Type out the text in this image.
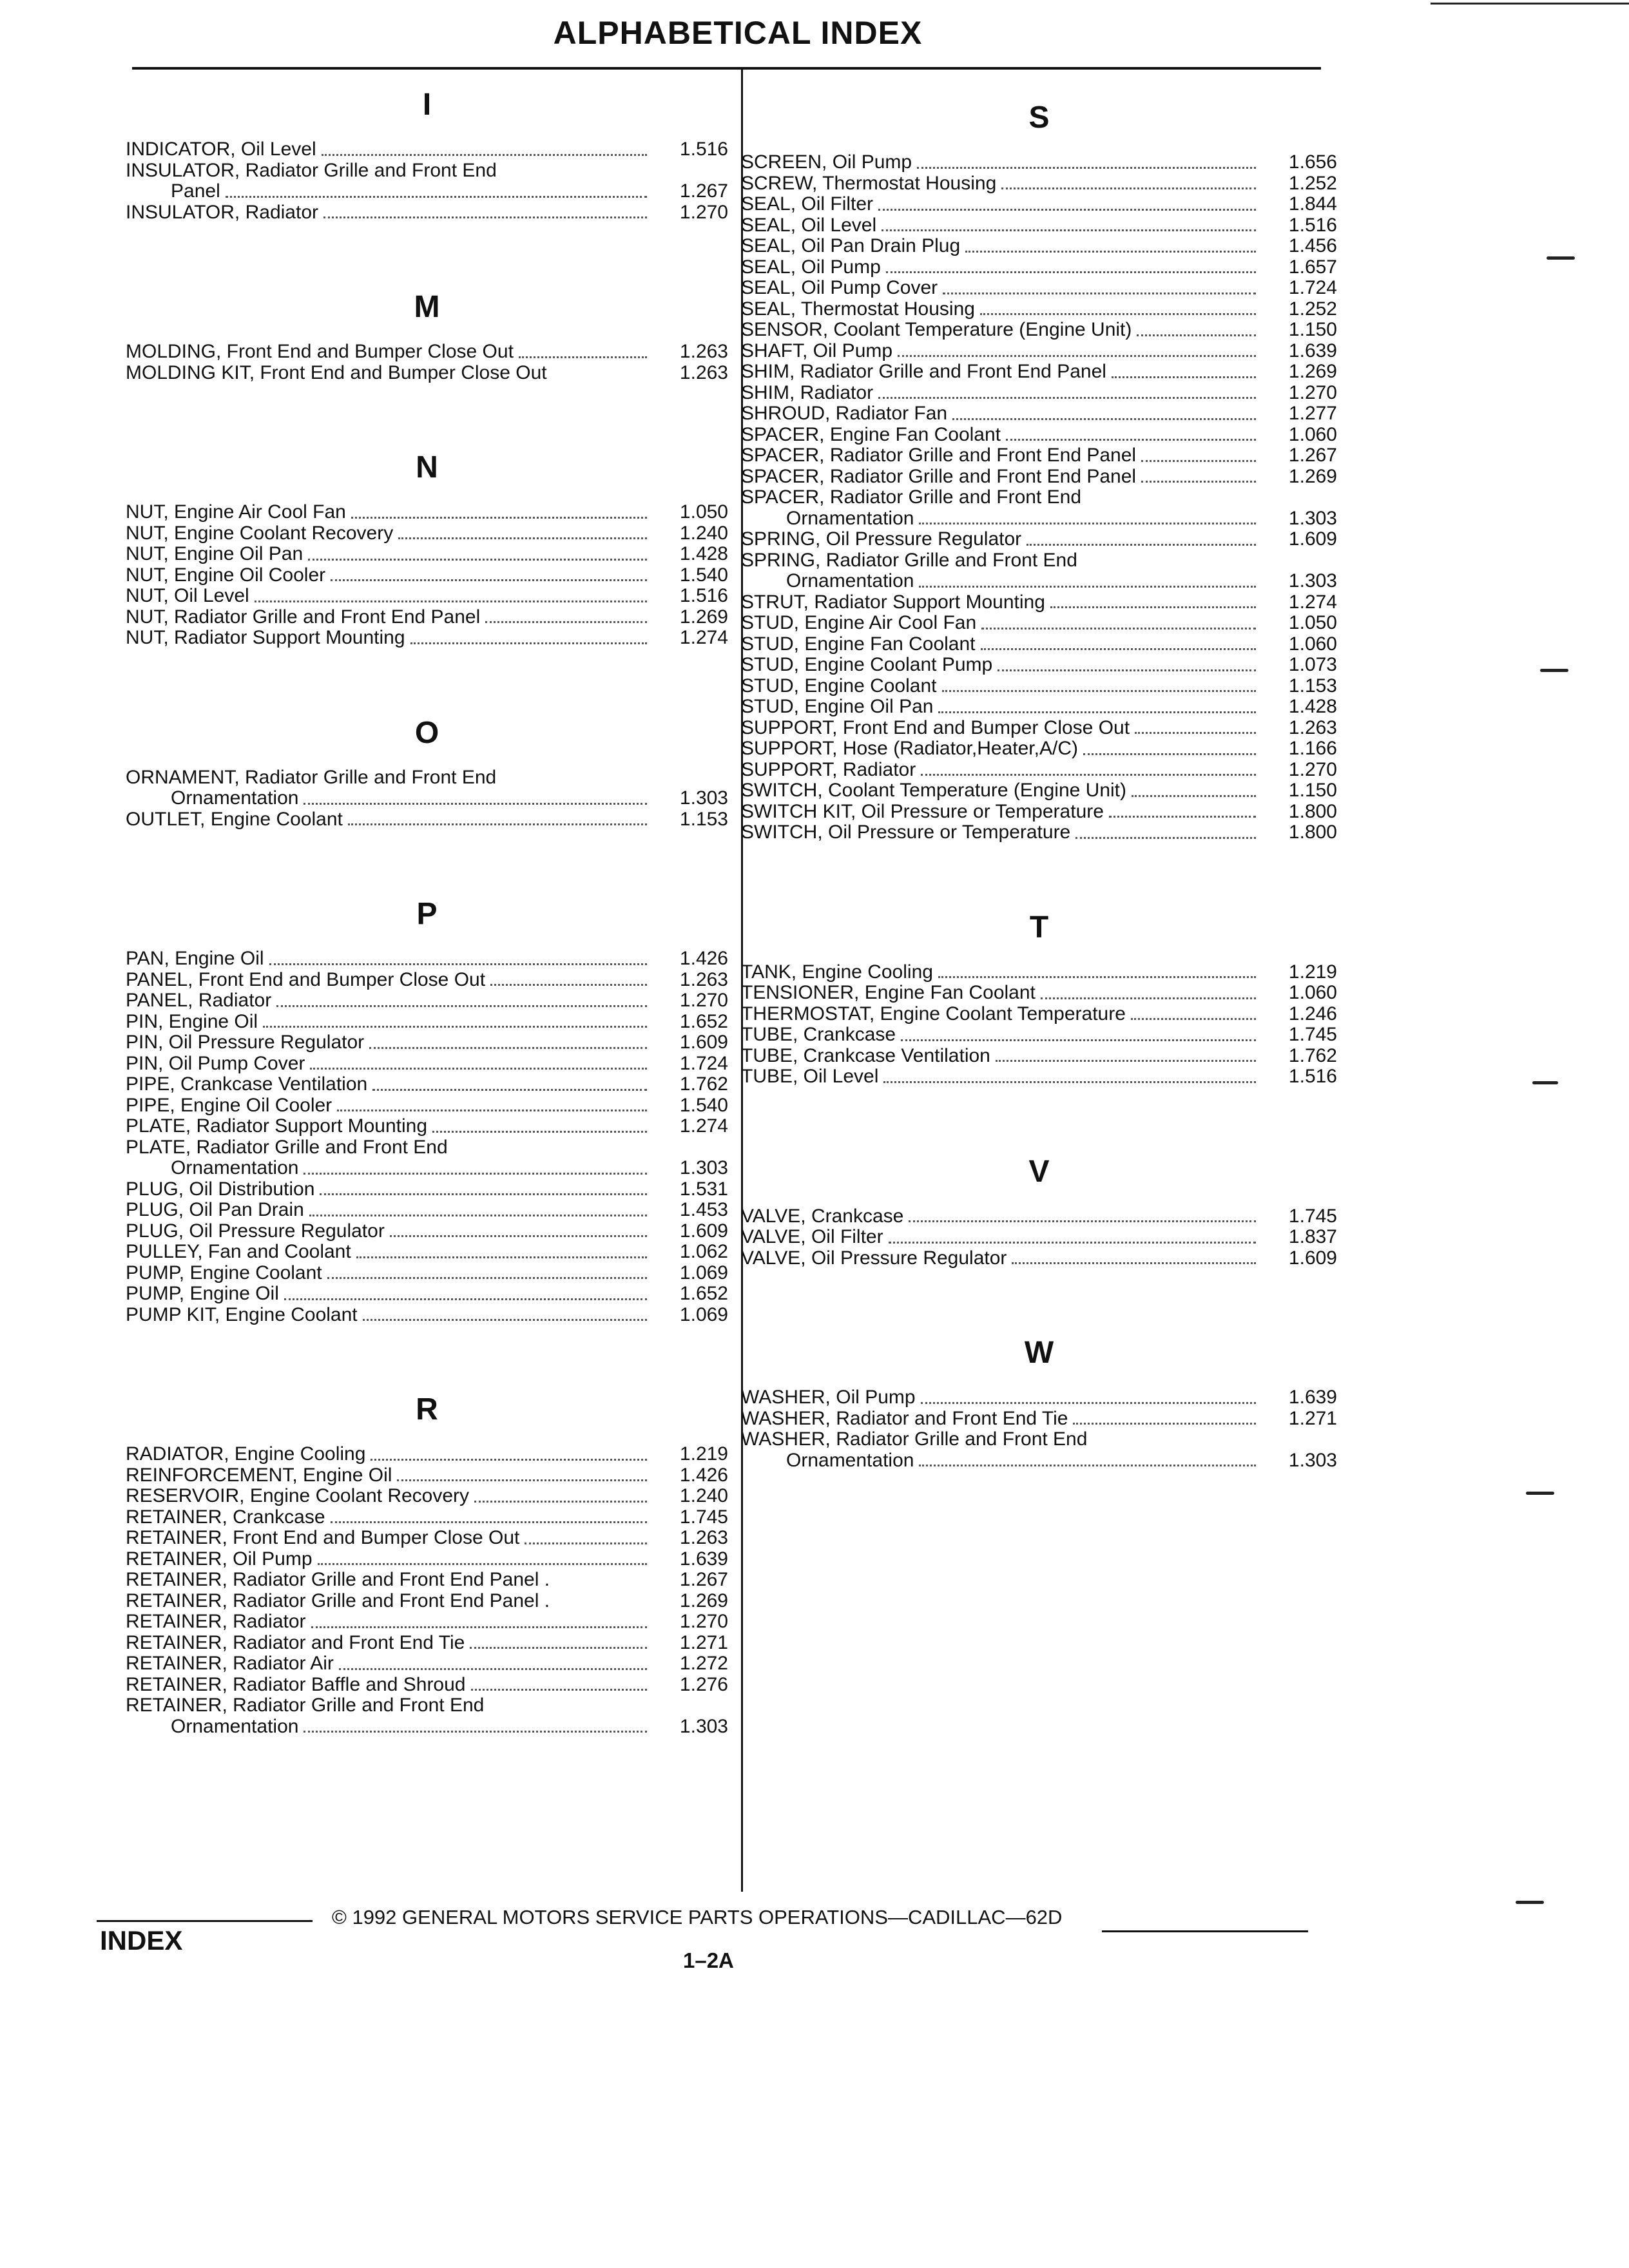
ALPHABETICAL INDEX
I
INDICATOR, Oil Level	1.516
INSULATOR, Radiator Grille and Front End
Panel	1.267
INSULATOR, Radiator	1.270
M
MOLDING, Front End and Bumper Close Out	1.263
MOLDING KIT, Front End and Bumper Close Out	1.263
N
NUT, Engine Air Cool Fan	1.050
NUT, Engine Coolant Recovery	1.240
NUT, Engine Oil Pan	1.428
NUT, Engine Oil Cooler	1.540
NUT, Oil Level	1.516
NUT, Radiator Grille and Front End Panel	1.269
NUT, Radiator Support Mounting	1.274
O
ORNAMENT, Radiator Grille and Front End
Ornamentation	1.303
OUTLET, Engine Coolant	1.153
P
PAN, Engine Oil	1.426
PANEL, Front End and Bumper Close Out	1.263
PANEL, Radiator	1.270
PIN, Engine Oil	1.652
PIN, Oil Pressure Regulator	1.609
PIN, Oil Pump Cover	1.724
PIPE, Crankcase Ventilation	1.762
PIPE, Engine Oil Cooler	1.540
PLATE, Radiator Support Mounting	1.274
PLATE, Radiator Grille and Front End
Ornamentation	1.303
PLUG, Oil Distribution	1.531
PLUG, Oil Pan Drain	1.453
PLUG, Oil Pressure Regulator	1.609
PULLEY, Fan and Coolant	1.062
PUMP, Engine Coolant	1.069
PUMP, Engine Oil	1.652
PUMP KIT, Engine Coolant	1.069
R
RADIATOR, Engine Cooling	1.219
REINFORCEMENT, Engine Oil	1.426
RESERVOIR, Engine Coolant Recovery	1.240
RETAINER, Crankcase	1.745
RETAINER, Front End and Bumper Close Out	1.263
RETAINER, Oil Pump	1.639
RETAINER, Radiator Grille and Front End Panel .	1.267
RETAINER, Radiator Grille and Front End Panel .	1.269
RETAINER, Radiator	1.270
RETAINER, Radiator and Front End Tie	1.271
RETAINER, Radiator Air	1.272
RETAINER, Radiator Baffle and Shroud	1.276
RETAINER, Radiator Grille and Front End
Ornamentation	1.303
S
SCREEN, Oil Pump	1.656
SCREW, Thermostat Housing	1.252
SEAL, Oil Filter	1.844
SEAL, Oil Level	1.516
SEAL, Oil Pan Drain Plug	1.456
SEAL, Oil Pump	1.657
SEAL, Oil Pump Cover	1.724
SEAL, Thermostat Housing	1.252
SENSOR, Coolant Temperature (Engine Unit)	1.150
SHAFT, Oil Pump	1.639
SHIM, Radiator Grille and Front End Panel	1.269
SHIM, Radiator	1.270
SHROUD, Radiator Fan	1.277
SPACER, Engine Fan Coolant	1.060
SPACER, Radiator Grille and Front End Panel	1.267
SPACER, Radiator Grille and Front End Panel	1.269
SPACER, Radiator Grille and Front End
Ornamentation	1.303
SPRING, Oil Pressure Regulator	1.609
SPRING, Radiator Grille and Front End
Ornamentation	1.303
STRUT, Radiator Support Mounting	1.274
STUD, Engine Air Cool Fan	1.050
STUD, Engine Fan Coolant	1.060
STUD, Engine Coolant Pump	1.073
STUD, Engine Coolant	1.153
STUD, Engine Oil Pan	1.428
SUPPORT, Front End and Bumper Close Out	1.263
SUPPORT, Hose (Radiator,Heater,A/C)	1.166
SUPPORT, Radiator	1.270
SWITCH, Coolant Temperature (Engine Unit)	1.150
SWITCH KIT, Oil Pressure or Temperature	1.800
SWITCH, Oil Pressure or Temperature	1.800
T
TANK, Engine Cooling	1.219
TENSIONER, Engine Fan Coolant	1.060
THERMOSTAT, Engine Coolant Temperature	1.246
TUBE, Crankcase	1.745
TUBE, Crankcase Ventilation	1.762
TUBE, Oil Level	1.516
V
VALVE, Crankcase	1.745
VALVE, Oil Filter	1.837
VALVE, Oil Pressure Regulator	1.609
W
WASHER, Oil Pump	1.639
WASHER, Radiator and Front End Tie	1.271
WASHER, Radiator Grille and Front End
Ornamentation	1.303
© 1992 GENERAL MOTORS SERVICE PARTS OPERATIONS—CADILLAC—62D
INDEX
1–2A
